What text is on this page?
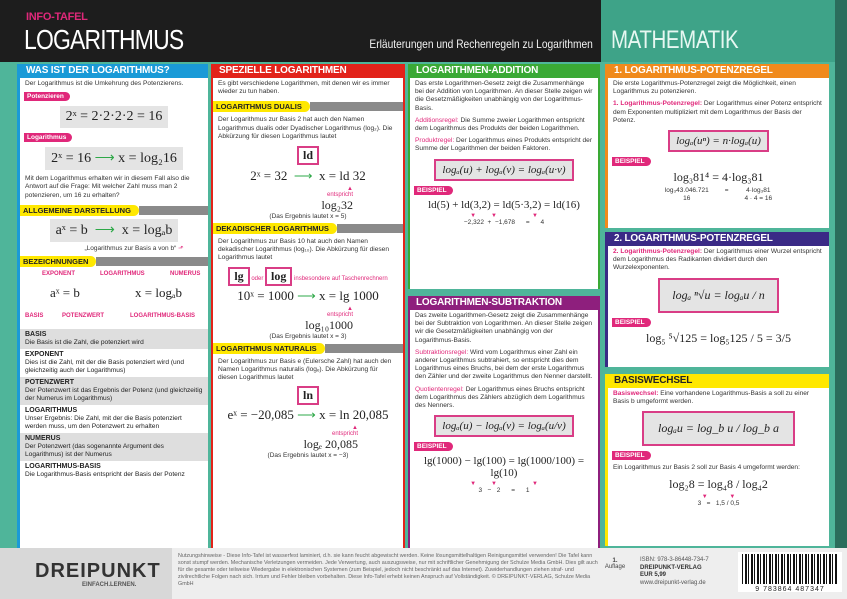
INFO-TAFEL
LOGARITHMUS	Erläuterungen und Rechenregeln zu Logarithmen MATHEMATIK
WAS IST DER LOGARITHMUS?
Der Logarithmus ist die Umkehrung des Potenzierens.
Potenzieren
2ˣ = 2·2·2·2 = 16
Logarithmus
2ˣ = 16 ⟶ x = log₂16
Mit dem Logarithmus erhalten wir in diesem Fall also die Antwort auf die Frage: Mit welcher Zahl muss man 2 potenzieren, um 16 zu erhalten?
ALLGEMEINE DARSTELLUNG
aˣ = b ⟶ x = logₐb
„Logarithmus zur Basis a von b“ ⬏
BEZEICHNUNGEN
EXPONENT	LOGARITHMUS	NUMERUS
aˣ = b	x = logₐb
BASIS	POTENZWERT	LOGARITHMUS-BASIS
BASIS
Die Basis ist die Zahl, die potenziert wird
EXPONENT
Dies ist die Zahl, mit der die Basis potenziert wird (und gleichzeitig auch der Logarithmus)
POTENZWERT
Der Potenzwert ist das Ergebnis der Potenz (und gleichzeitig der Numerus im Logarithmus)
LOGARITHMUS
Unser Ergebnis: Die Zahl, mit der die Basis potenziert werden muss, um den Potenzwert zu erhalten
NUMERUS
Der Potenzwert (das sogenannte Argument des Logarithmus) ist der Numerus
LOGARITHMUS-BASIS
Die Logarithmus-Basis entspricht der Basis der Potenz
SPEZIELLE LOGARITHMEN
Es gibt verschiedene Logarithmen, mit denen wir es immer wieder zu tun haben.
LOGARITHMUS DUALIS
Der Logarithmus zur Basis 2 hat auch den Namen Logarithmus dualis oder Dyadischer Logarithmus (log₂). Die Abkürzung für diesen Logarithmus lautet
ld
2ˣ = 32 ⟶ x = ld 32
▲
entspricht
log₂32
(Das Ergebnis lautet x = 5)
DEKADISCHER LOGARITHMUS
Der Logarithmus zur Basis 10 hat auch den Namen dekadischer Logarithmus (log₁₀). Die Abkürzung für diesen Logarithmus lautet
lg oder log insbesondere auf Taschenrechnern
10ˣ = 1000 ⟶ x = lg 1000
▲
entspricht
log₁₀1000
(Das Ergebnis lautet x = 3)
LOGARITHMUS NATURALIS
Der Logarithmus zur Basis e (Eulersche Zahl) hat auch den Namen Logarithmus naturalis (logₑ). Die Abkürzung für diesen Logarithmus lautet
ln
eˣ = −20,085 ⟶ x = ln 20,085
▲
entspricht
logₑ 20,085
(Das Ergebnis lautet x = −3)
LOGARITHMEN-ADDITION
Das erste Logarithmen-Gesetz zeigt die Zusammenhänge bei der Addition von Logarithmen. An dieser Stelle zeigen wir die Gesetzmäßigkeiten unabhängig von der Logarithmus-Basis.
Additionsregel: Die Summe zweier Logarithmen entspricht dem Logarithmus des Produkts der beiden Logarithmen.
Produktregel: Der Logarithmus eines Produkts entspricht der Summe der Logarithmen der beiden Faktoren.
logₐ(u) + logₐ(v) = logₐ(u·v)
BEISPIEL
ld(5) + ld(3,2) = ld(5·3,2) = ld(16)
▼         ▼                     ▼
−2,322  +  −1,678      =      4
LOGARITHMEN-SUBTRAKTION
Das zweite Logarithmen-Gesetz zeigt die Zusammenhänge bei der Subtraktion von Logarithmen. An dieser Stelle zeigen wir die Gesetzmäßigkeiten unabhängig von der Logarithmus-Basis.
Subtraktionsregel: Wird vom Logarithmus einer Zahl ein anderer Logarithmus subtrahiert, so entspricht dies dem Logarithmus eines Bruchs, bei dem der erste Logarithmus den Zähler und der zweite Logarithmus den Nenner darstellt.
Quotientenregel: Der Logarithmus eines Bruchs entspricht dem Logarithmus des Zählers abzüglich dem Logarithmus des Nenners.
logₐ(u) − logₐ(v) = logₐ(u/v)
BEISPIEL
lg(1000) − lg(100) = lg(1000/100) = lg(10)
▼         ▼                     ▼
3   −   2      =      1
1. LOGARITHMUS-POTENZREGEL
Die erste Logarithmus-Potenzregel zeigt die Möglichkeit, einen Logarithmus zu potenzieren.
1. Logarithmus-Potenzregel: Der Logarithmus einer Potenz entspricht dem Exponenten multipliziert mit dem Logarithmus der Basis der Potenz.
logₐ(uⁿ) = n·logₐ(u)
BEISPIEL
log₃81⁴ = 4·log₃81
log₃43.046.721
16
=	4·log₃81
4 · 4 = 16
2. LOGARITHMUS-POTENZREGEL
2. Logarithmus-Potenzregel: Der Logarithmus einer Wurzel entspricht dem Logarithmus des Radikanten dividiert durch den Wurzelexponenten.
logₐ ⁿ√u = logₐu / n
BEISPIEL
log₅ ⁵√125 = log₅125 / 5 = 3/5
BASISWECHSEL
Basiswechsel: Eine vorhandene Logarithmus-Basis a soll zu einer Basis b umgeformt werden.
logₐu = log_b u / log_b a
BEISPIEL
Ein Logarithmus zur Basis 2 soll zur Basis 4 umgeformt werden:
log₂8 = log₄8 / log₄2
▼             ▼
3   =   1,5 / 0,5
DREIPUNKT
EINFACH.LERNEN.
Nutzungshinweise - Diese Info-Tafel ist wasserfest laminiert, d.h. sie kann feucht abgewischt werden. Keine lösungsmittelhaltigen Reinigungsmittel verwenden! Die Tafel kann sonst stumpf werden. Mechanische Verletzungen vermeiden. Jede Verwertung, auch auszugsweise, nur mit schriftlicher Genehmigung der Schulze Media GmbH. Dies gilt auch für die gesamte oder teilweise Wiedergabe in elektronischen Systemen (zum Beispiel, jedoch nicht beschränkt auf das Internet). Zuwiderhandlungen ziehen straf- und zivilrechtliche Folgen nach sich. Irrtum und Fehler bleiben vorbehalten. Diese Info-Tafel erhebt keinen Anspruch auf Vollständigkeit. © DREIPUNKT-VERLAG, Schulze Media GmbH
1.
Auflage
ISBN: 978-3-86448-734-7
DREIPUNKT-VERLAG
EUR 5,99
www.dreipunkt-verlag.de
9 783864 487347
